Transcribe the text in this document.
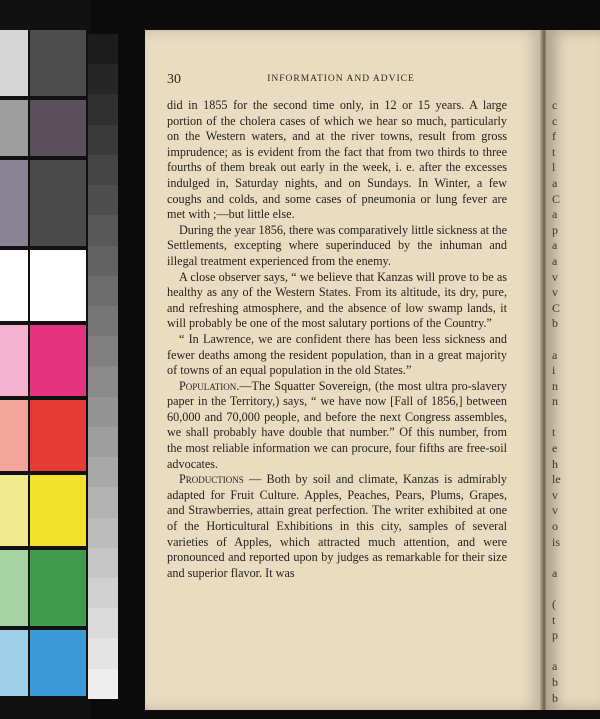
30	INFORMATION AND ADVICE

did in 1855 for the second time only, in 12 or 15 years. A large portion of the cholera cases of which we hear so much, particularly on the Western waters, and at the river towns, result from gross imprudence; as is evident from the fact that from two thirds to three fourths of them break out early in the week, i. e. after the excesses indulged in, Saturday nights, and on Sundays. In Winter, a few coughs and colds, and some cases of pneumonia or lung fever are met with ;—but little else.

During the year 1856, there was comparatively little sickness at the Settlements, excepting where superinduced by the inhuman and illegal treatment experienced from the enemy.

A close observer says, “ we believe that Kanzas will prove to be as healthy as any of the Western States. From its altitude, its dry, pure, and refreshing atmosphere, and the absence of low swamp lands, it will probably be one of the most salutary portions of the Country.”

“ In Lawrence, we are confident there has been less sickness and fewer deaths among the resident population, than in a great majority of towns of an equal population in the old States.”

Population.—The Squatter Sovereign, (the most ultra pro-slavery paper in the Territory,) says, “ we have now [Fall of 1856,] between 60,000 and 70,000 people, and before the next Congress assembles, we shall probably have double that number.” Of this number, from the most reliable information we can procure, four fifths are free-soil advocates.

Productions — Both by soil and climate, Kanzas is admirably adapted for Fruit Culture. Apples, Peaches, Pears, Plums, Grapes, and Strawberries, attain great perfection. The writer exhibited at one of the Horticultural Exhibitions in this city, samples of several varieties of Apples, which attracted much attention, and were pronounced and reported upon by judges as remarkable for their size and superior flavor. It was

c
c
f
t
l
a
C
a
p
a
a
v
v
C
b
a
i
n
n
t
e
h
le
v
v
o
is
a
(
t
p
a
b
b
